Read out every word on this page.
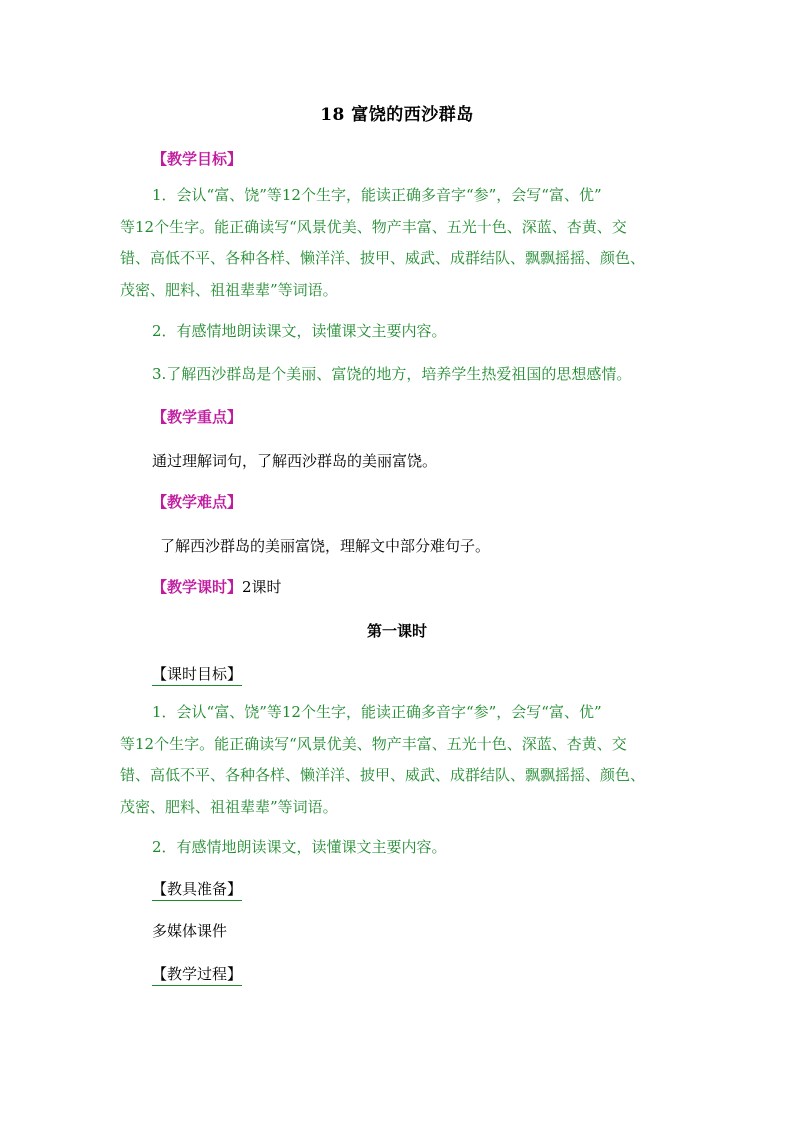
18 富饶的西沙群岛
【教学目标】
1．会认“富、饶”等12个生字，能读正确多音字“参”，会写“富、优”
等12个生字。能正确读写“风景优美、物产丰富、五光十色、深蓝、杏黄、交
错、高低不平、各种各样、懒洋洋、披甲、威武、成群结队、飘飘摇摇、颜色、
茂密、肥料、祖祖辈辈”等词语。
2．有感情地朗读课文，读懂课文主要内容。
3.了解西沙群岛是个美丽、富饶的地方，培养学生热爱祖国的思想感情。
【教学重点】
通过理解词句，了解西沙群岛的美丽富饶。
【教学难点】
了解西沙群岛的美丽富饶，理解文中部分难句子。
【教学课时】2课时
第一课时
【课时目标】
1．会认“富、饶”等12个生字，能读正确多音字“参”，会写“富、优”
等12个生字。能正确读写“风景优美、物产丰富、五光十色、深蓝、杏黄、交
错、高低不平、各种各样、懒洋洋、披甲、威武、成群结队、飘飘摇摇、颜色、
茂密、肥料、祖祖辈辈”等词语。
2．有感情地朗读课文，读懂课文主要内容。
【教具准备】
多媒体课件
【教学过程】
